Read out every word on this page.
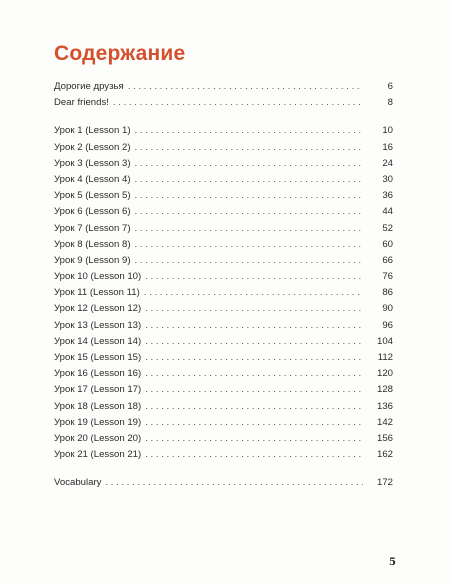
Содержание
Дорогие друзья . . .	6
Dear friends! . . .	8
Урок 1 (Lesson 1) . . .	10
Урок 2 (Lesson 2) . . .	16
Урок 3 (Lesson 3) . . .	24
Урок 4 (Lesson 4) . . .	30
Урок 5 (Lesson 5) . . .	36
Урок 6 (Lesson 6) . . .	44
Урок 7 (Lesson 7) . . .	52
Урок 8 (Lesson 8) . . .	60
Урок 9 (Lesson 9) . . .	66
Урок 10 (Lesson 10) . . .	76
Урок 11 (Lesson 11) . . .	86
Урок 12 (Lesson 12) . . .	90
Урок 13 (Lesson 13) . . .	96
Урок 14 (Lesson 14) . . .	104
Урок 15 (Lesson 15) . . .	112
Урок 16 (Lesson 16) . . .	120
Урок 17 (Lesson 17) . . .	128
Урок 18 (Lesson 18) . . .	136
Урок 19 (Lesson 19) . . .	142
Урок 20 (Lesson 20) . . .	156
Урок 21 (Lesson 21) . . .	162
Vocabulary . . .	172
5
